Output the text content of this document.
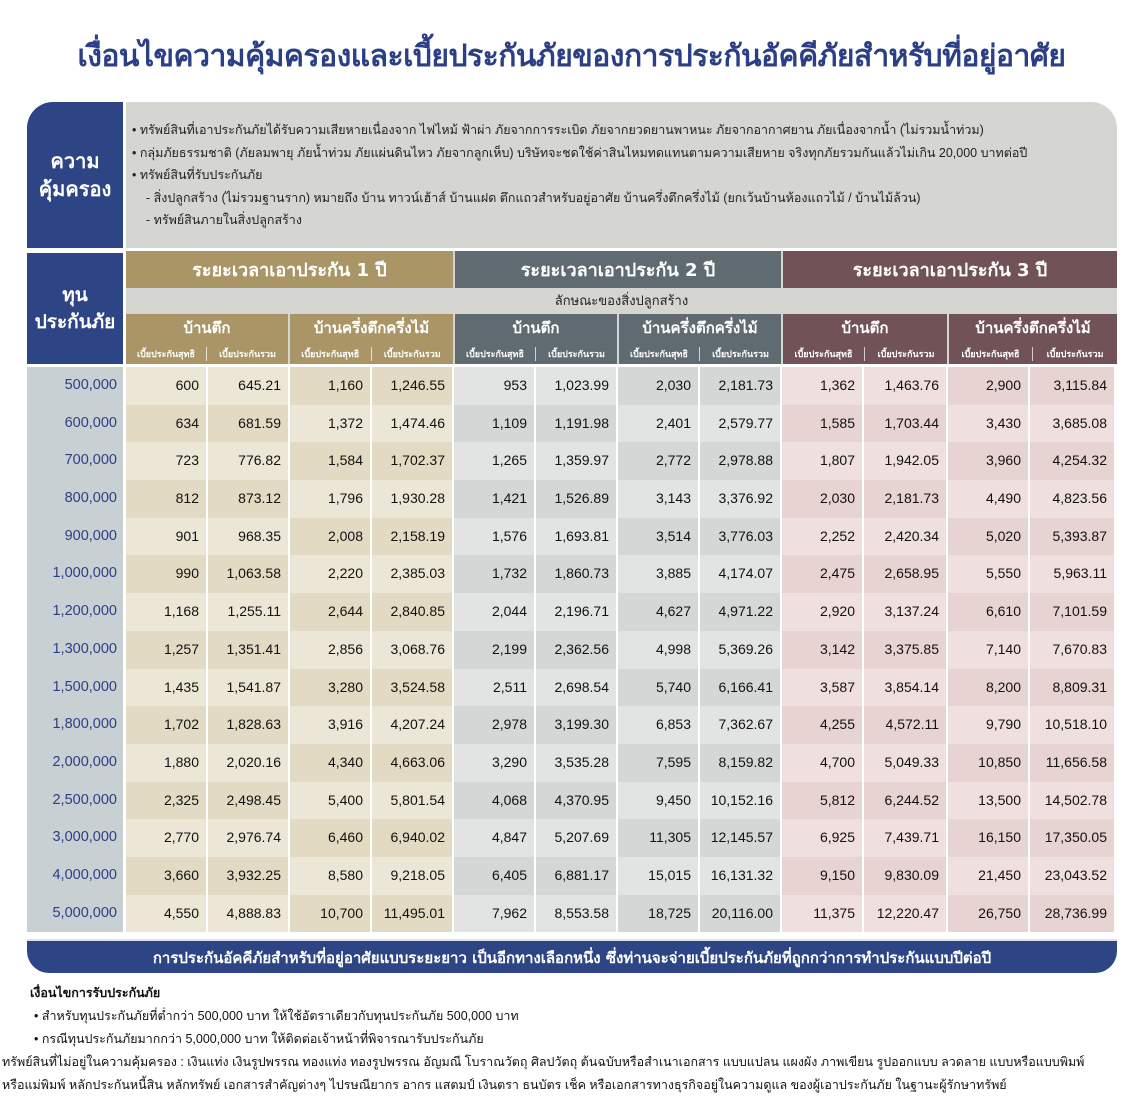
เงื่อนไขความคุ้มครองและเบี้ยประกันภัยของการประกันอัคคีภัยสำหรับที่อยู่อาศัย
ความ
คุ้มครอง
• ทรัพย์สินที่เอาประกันภัยได้รับความเสียหายเนื่องจาก ไฟไหม้ ฟ้าผ่า ภัยจากการระเบิด ภัยจากยวดยานพาหนะ ภัยจากอากาศยาน ภัยเนื่องจากน้ำ (ไม่รวมน้ำท่วม)
• กลุ่มภัยธรรมชาติ (ภัยลมพายุ ภัยน้ำท่วม ภัยแผ่นดินไหว ภัยจากลูกเห็บ) บริษัทจะชดใช้ค่าสินไหมทดแทนตามความเสียหาย จริงทุกภัยรวมกันแล้วไม่เกิน 20,000 บาทต่อปี
• ทรัพย์สินที่รับประกันภัย
- สิ่งปลูกสร้าง (ไม่รวมฐานราก) หมายถึง บ้าน ทาวน์เฮ้าส์ บ้านแฝด ตึกแถวสำหรับอยู่อาศัย บ้านครึ่งตึกครึ่งไม้ (ยกเว้นบ้านห้องแถวไม้ / บ้านไม้ล้วน)
- ทรัพย์สินภายในสิ่งปลูกสร้าง
ทุน
ประกันภัย
ระยะเวลาเอาประกัน 1 ปี	ระยะเวลาเอาประกัน 2 ปี	ระยะเวลาเอาประกัน 3 ปี
ลักษณะของสิ่งปลูกสร้าง
บ้านตึก
เบี้ยประกันสุทธิ	เบี้ยประกันรวม
บ้านครึ่งตึกครึ่งไม้
เบี้ยประกันสุทธิ	เบี้ยประกันรวม
บ้านตึก
เบี้ยประกันสุทธิ	เบี้ยประกันรวม
บ้านครึ่งตึกครึ่งไม้
เบี้ยประกันสุทธิ	เบี้ยประกันรวม
บ้านตึก
เบี้ยประกันสุทธิ	เบี้ยประกันรวม
บ้านครึ่งตึกครึ่งไม้
เบี้ยประกันสุทธิ	เบี้ยประกันรวม
500,000	600	645.21	1,160	1,246.55	953	1,023.99	2,030	2,181.73	1,362	1,463.76	2,900	3,115.84
600,000	634	681.59	1,372	1,474.46	1,109	1,191.98	2,401	2,579.77	1,585	1,703.44	3,430	3,685.08
700,000	723	776.82	1,584	1,702.37	1,265	1,359.97	2,772	2,978.88	1,807	1,942.05	3,960	4,254.32
800,000	812	873.12	1,796	1,930.28	1,421	1,526.89	3,143	3,376.92	2,030	2,181.73	4,490	4,823.56
900,000	901	968.35	2,008	2,158.19	1,576	1,693.81	3,514	3,776.03	2,252	2,420.34	5,020	5,393.87
1,000,000	990	1,063.58	2,220	2,385.03	1,732	1,860.73	3,885	4,174.07	2,475	2,658.95	5,550	5,963.11
1,200,000	1,168	1,255.11	2,644	2,840.85	2,044	2,196.71	4,627	4,971.22	2,920	3,137.24	6,610	7,101.59
1,300,000	1,257	1,351.41	2,856	3,068.76	2,199	2,362.56	4,998	5,369.26	3,142	3,375.85	7,140	7,670.83
1,500,000	1,435	1,541.87	3,280	3,524.58	2,511	2,698.54	5,740	6,166.41	3,587	3,854.14	8,200	8,809.31
1,800,000	1,702	1,828.63	3,916	4,207.24	2,978	3,199.30	6,853	7,362.67	4,255	4,572.11	9,790	10,518.10
2,000,000	1,880	2,020.16	4,340	4,663.06	3,290	3,535.28	7,595	8,159.82	4,700	5,049.33	10,850	11,656.58
2,500,000	2,325	2,498.45	5,400	5,801.54	4,068	4,370.95	9,450	10,152.16	5,812	6,244.52	13,500	14,502.78
3,000,000	2,770	2,976.74	6,460	6,940.02	4,847	5,207.69	11,305	12,145.57	6,925	7,439.71	16,150	17,350.05
4,000,000	3,660	3,932.25	8,580	9,218.05	6,405	6,881.17	15,015	16,131.32	9,150	9,830.09	21,450	23,043.52
5,000,000	4,550	4,888.83	10,700	11,495.01	7,962	8,553.58	18,725	20,116.00	11,375	12,220.47	26,750	28,736.99
การประกันอัคคีภัยสำหรับที่อยู่อาศัยแบบระยะยาว เป็นอีกทางเลือกหนึ่ง ซึ่งท่านจะจ่ายเบี้ยประกันภัยที่ถูกกว่าการทำประกันแบบปีต่อปี
เงื่อนไขการรับประกันภัย
• สำหรับทุนประกันภัยที่ต่ำกว่า 500,000 บาท ให้ใช้อัตราเดียวกับทุนประกันภัย 500,000 บาท
• กรณีทุนประกันภัยมากกว่า 5,000,000 บาท ให้ติดต่อเจ้าหน้าที่พิจารณารับประกันภัย
ทรัพย์สินที่ไม่อยู่ในความคุ้มครอง : เงินแท่ง เงินรูปพรรณ ทองแท่ง ทองรูปพรรณ อัญมณี โบราณวัตถุ ศิลปวัตถุ ต้นฉบับหรือสำเนาเอกสาร แบบแปลน แผงผัง ภาพเขียน รูปออกแบบ ลวดลาย แบบหรือแบบพิมพ์
หรือแม่พิมพ์ หลักประกันหนี้สิน หลักทรัพย์ เอกสารสำคัญต่างๆ ไปรษณียากร อากร แสตมป์ เงินตรา ธนบัตร เช็ค หรือเอกสารทางธุรกิจอยู่ในความดูแล ของผู้เอาประกันภัย ในฐานะผู้รักษาทรัพย์
